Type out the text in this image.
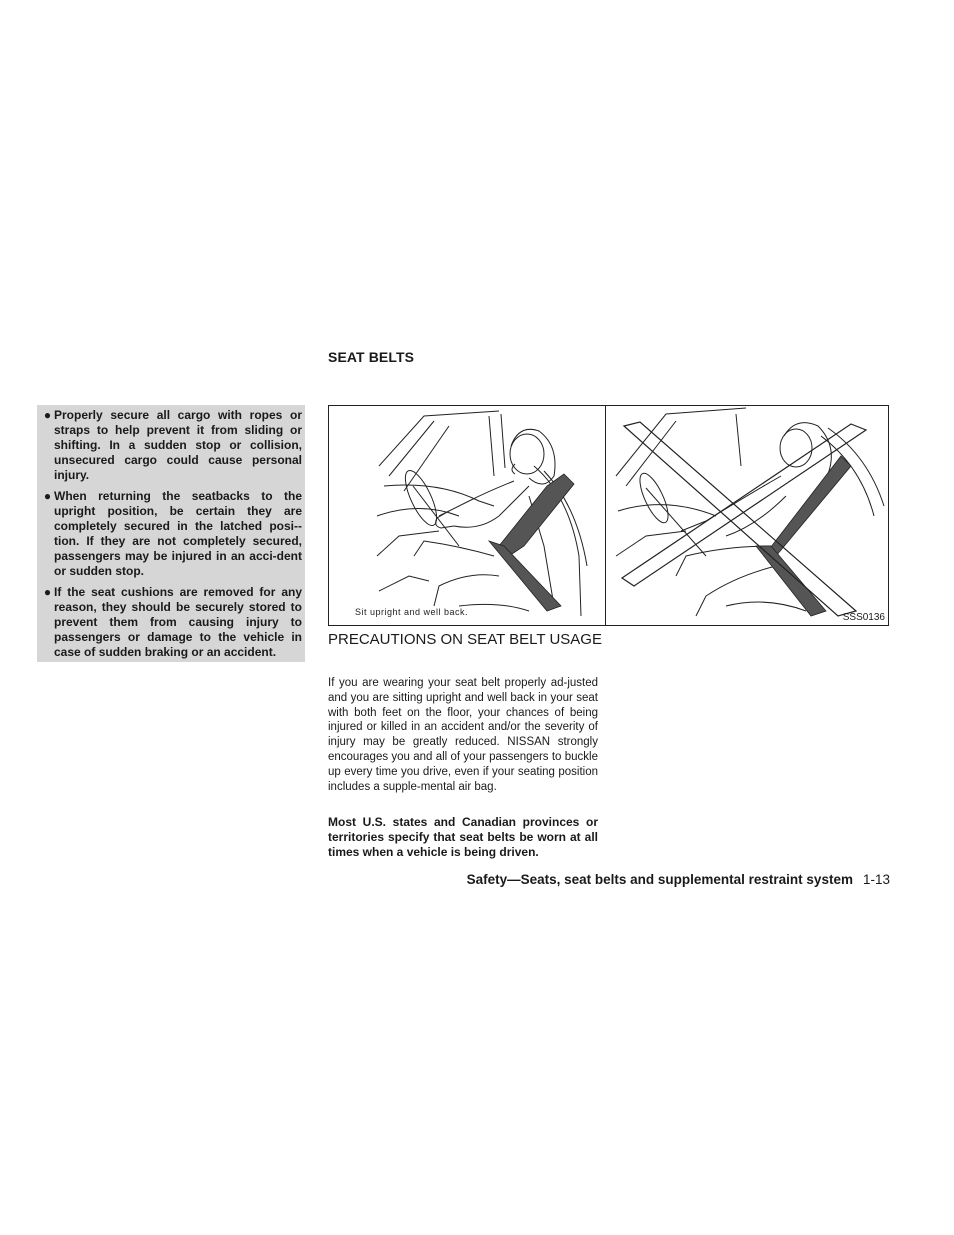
SEAT BELTS
● Properly secure all cargo with ropes or straps to help prevent it from sliding or shifting. In a sudden stop or collision, unsecured cargo could cause personal injury.
● When returning the seatbacks to the upright position, be certain they are completely secured in the latched posi-tion. If they are not completely secured, passengers may be injured in an acci-dent or sudden stop.
● If the seat cushions are removed for any reason, they should be securely stored to prevent them from causing injury to passengers or damage to the vehicle in case of sudden braking or an accident.
Sit upright and well back.	SSS0136
PRECAUTIONS ON SEAT BELT USAGE
If you are wearing your seat belt properly ad-justed and you are sitting upright and well back in your seat with both feet on the floor, your chances of being injured or killed in an accident and/or the severity of injury may be greatly reduced. NISSAN strongly encourages you and all of your passengers to buckle up every time you drive, even if your seating position includes a supple-mental air bag.
Most U.S. states and Canadian provinces or territories specify that seat belts be worn at all times when a vehicle is being driven.
Safety—Seats, seat belts and supplemental restraint system 1-13
